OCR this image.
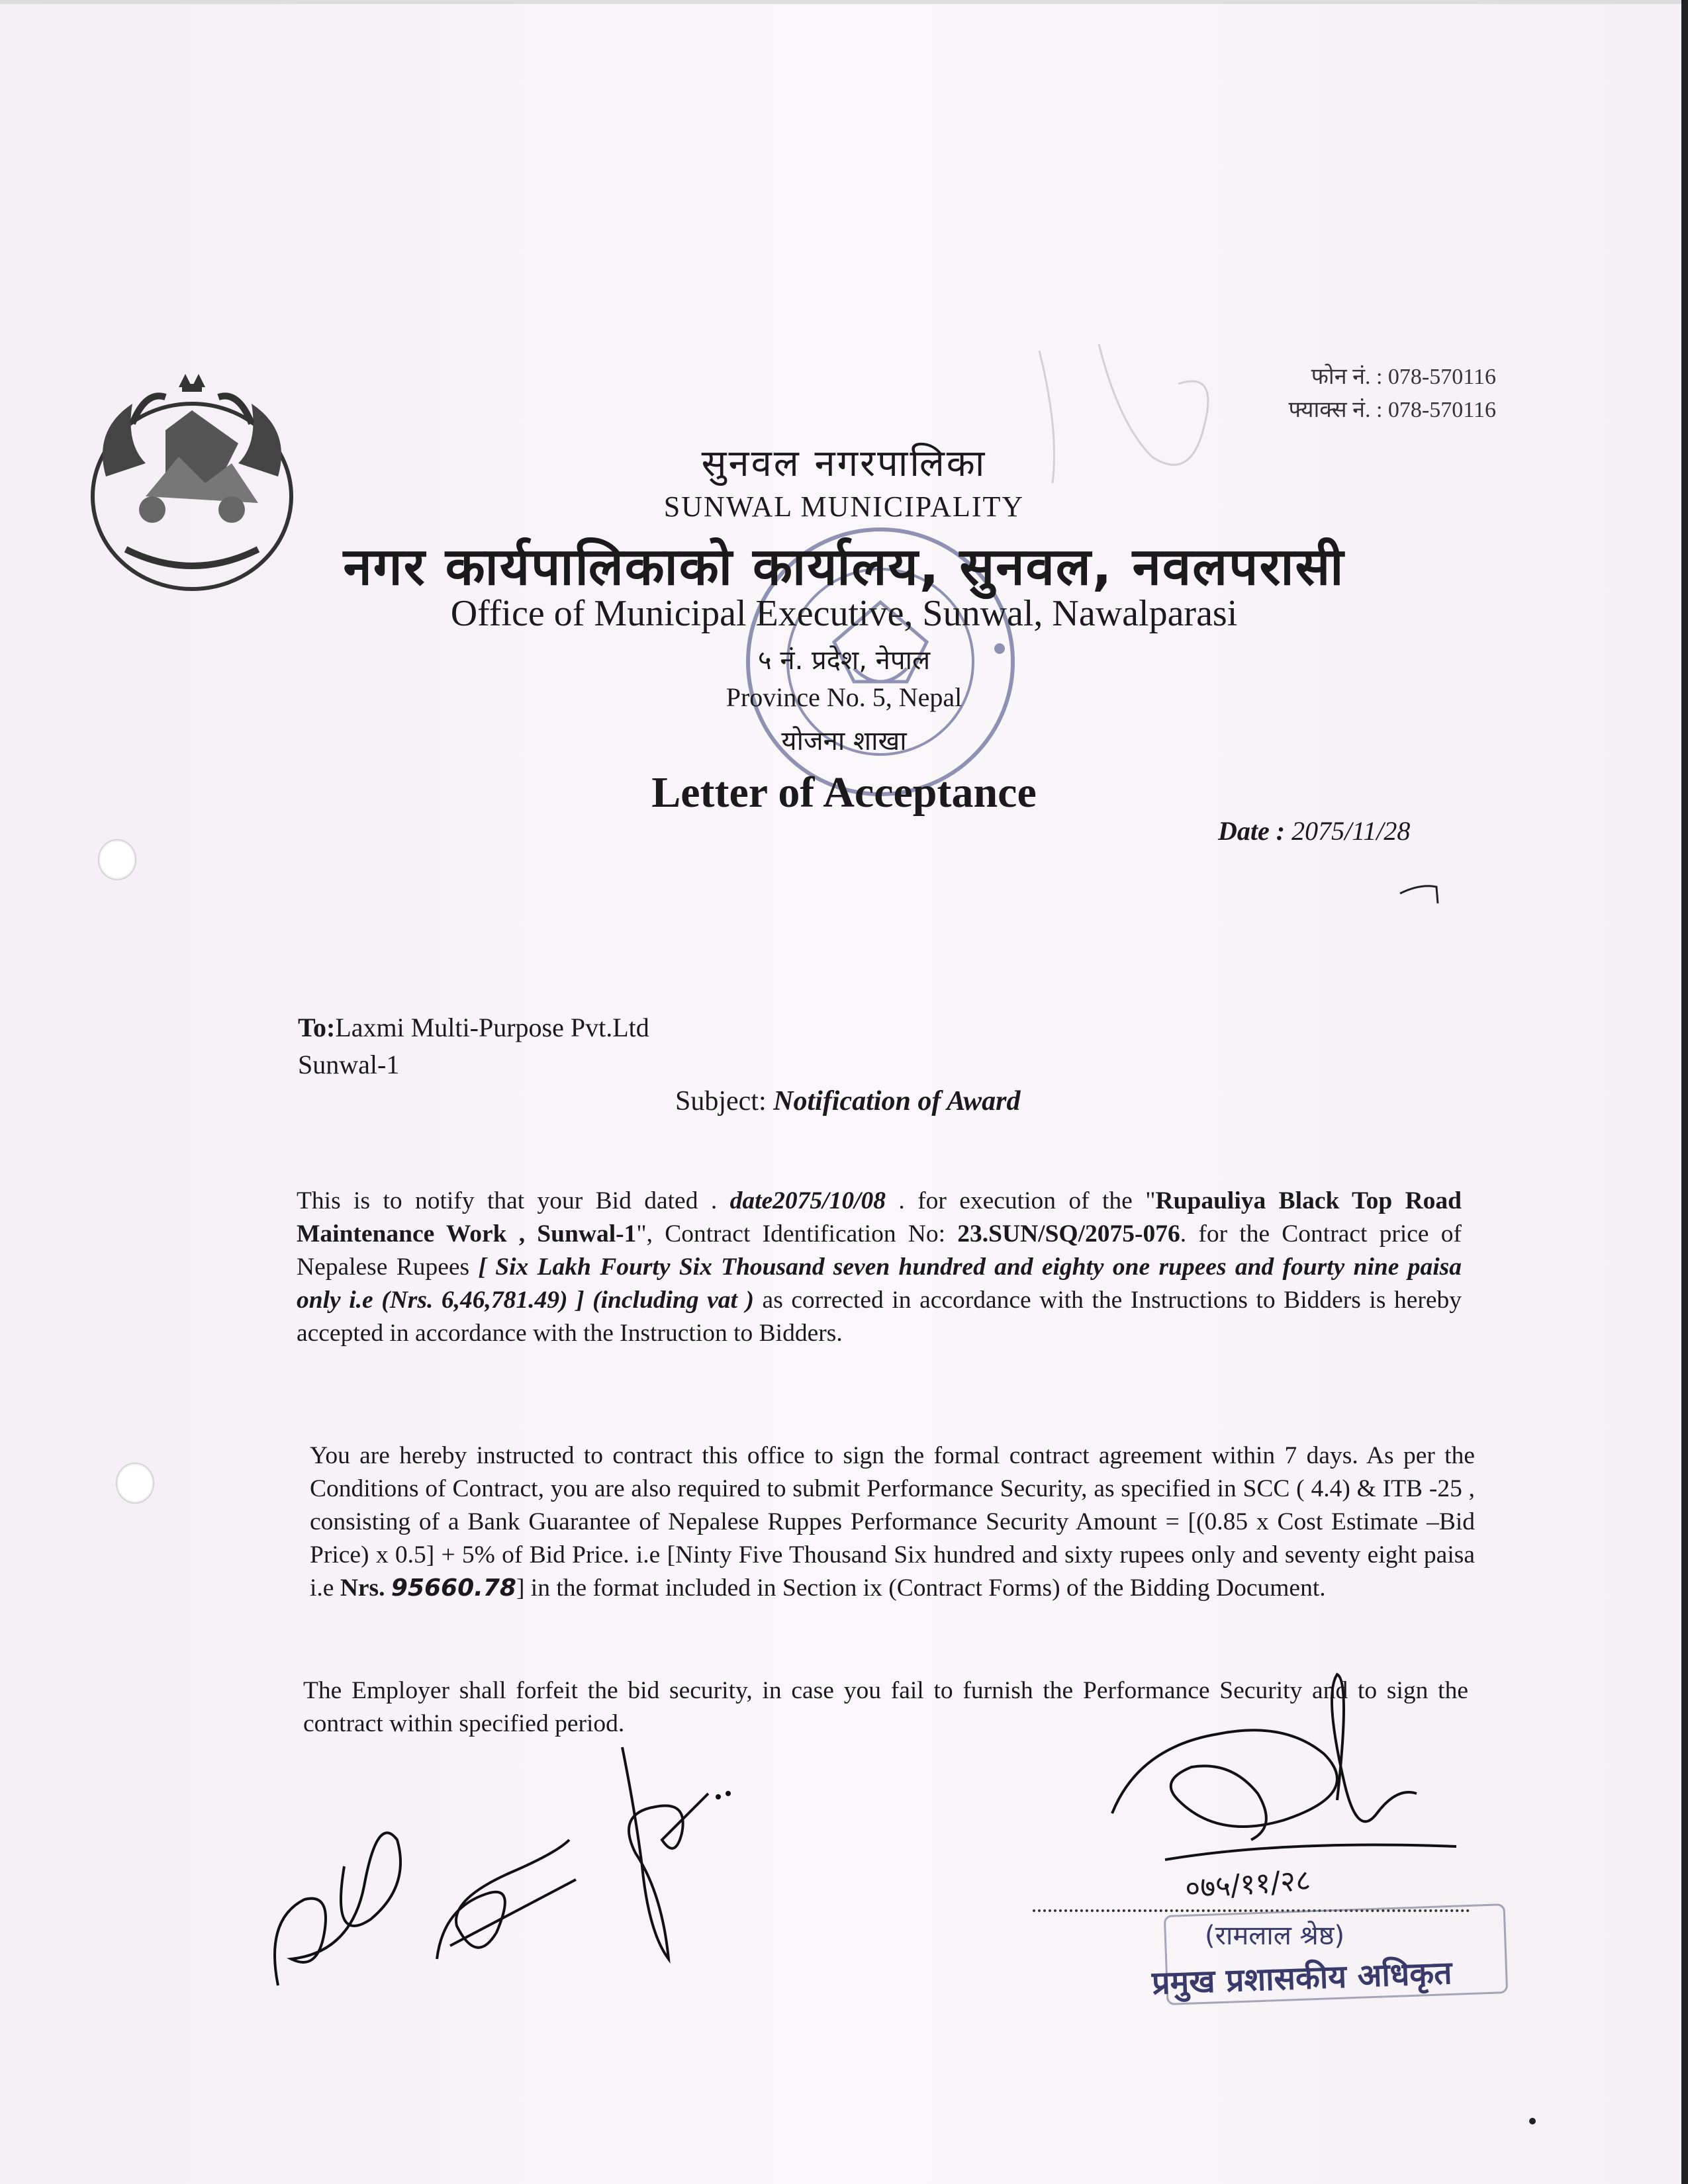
फोन नं. : 078-570116
फ्याक्स नं. : 078-570116
सुनवल नगरपालिका
SUNWAL MUNICIPALITY
नगर कार्यपालिकाको कार्यालय, सुनवल, नवलपरासी
Office of Municipal Executive, Sunwal, Nawalparasi
५ नं. प्रदेश, नेपाल
Province No. 5, Nepal
योजना शाखा
Letter of Acceptance
Date : 2075/11/28
To:Laxmi Multi-Purpose Pvt.Ltd
Sunwal-1
Subject: Notification of Award
This is to notify that your Bid dated . date2075/10/08 . for execution of the "Rupauliya Black Top Road Maintenance Work , Sunwal-1", Contract Identification No: 23.SUN/SQ/2075-076. for the Contract price of Nepalese Rupees [ Six Lakh Fourty Six Thousand seven hundred and eighty one rupees and fourty nine paisa only i.e (Nrs. 6,46,781.49) ] (including vat ) as corrected in accordance with the Instructions to Bidders is hereby accepted in accordance with the Instruction to Bidders.
You are hereby instructed to contract this office to sign the formal contract agreement within 7 days. As per the Conditions of Contract, you are also required to submit Performance Security, as specified in SCC ( 4.4) & ITB -25 , consisting of a Bank Guarantee of Nepalese Ruppes Performance Security Amount = [(0.85 x Cost Estimate –Bid Price) x 0.5] + 5% of Bid Price. i.e [Ninty Five Thousand Six hundred and sixty rupees only and seventy eight paisa i.e Nrs. 95660.78] in the format included in Section ix (Contract Forms) of the Bidding Document.
The Employer shall forfeit the bid security, in case you fail to furnish the Performance Security and to sign the contract within specified period.
०७५/११/२८
(रामलाल श्रेष्ठ)
प्रमुख प्रशासकीय अधिकृत
